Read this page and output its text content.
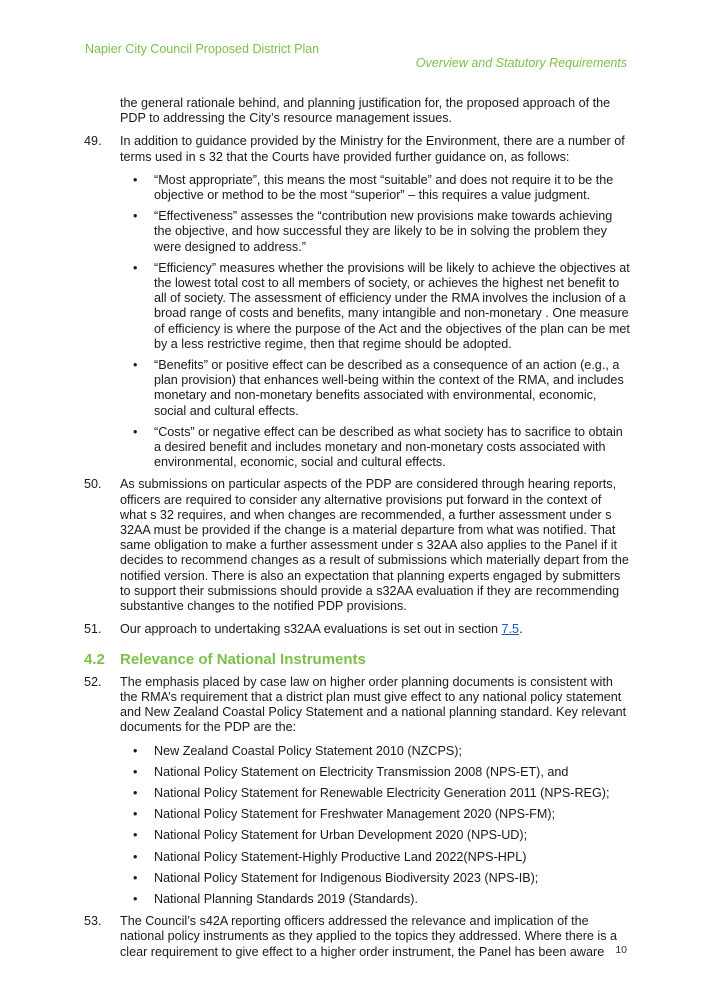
Napier City Council Proposed District Plan
Overview and Statutory Requirements

the general rationale behind, and planning justification for, the proposed approach of the PDP to addressing the City’s resource management issues.

49. In addition to guidance provided by the Ministry for the Environment, there are a number of terms used in s 32 that the Courts have provided further guidance on, as follows:
• “Most appropriate”, this means the most “suitable” and does not require it to be the objective or method to be the most “superior” – this requires a value judgment.
• “Effectiveness” assesses the “contribution new provisions make towards achieving the objective, and how successful they are likely to be in solving the problem they were designed to address.”
• “Efficiency” measures whether the provisions will be likely to achieve the objectives at the lowest total cost to all members of society, or achieves the highest net benefit to all of society. The assessment of efficiency under the RMA involves the inclusion of a broad range of costs and benefits, many intangible and non-monetary . One measure of efficiency is where the purpose of the Act and the objectives of the plan can be met by a less restrictive regime, then that regime should be adopted.
• “Benefits” or positive effect can be described as a consequence of an action (e.g., a plan provision) that enhances well-being within the context of the RMA, and includes monetary and non-monetary benefits associated with environmental, economic, social and cultural effects.
• “Costs” or negative effect can be described as what society has to sacrifice to obtain a desired benefit and includes monetary and non-monetary costs associated with environmental, economic, social and cultural effects.
50. As submissions on particular aspects of the PDP are considered through hearing reports, officers are required to consider any alternative provisions put forward in the context of what s 32 requires, and when changes are recommended, a further assessment under s 32AA must be provided if the change is a material departure from what was notified. That same obligation to make a further assessment under s 32AA also applies to the Panel if it decides to recommend changes as a result of submissions which materially depart from the notified version. There is also an expectation that planning experts engaged by submitters to support their submissions should provide a s32AA evaluation if they are recommending substantive changes to the notified PDP provisions.
51. Our approach to undertaking s32AA evaluations is set out in section 7.5.
4.2 Relevance of National Instruments
52. The emphasis placed by case law on higher order planning documents is consistent with the RMA’s requirement that a district plan must give effect to any national policy statement and New Zealand Coastal Policy Statement and a national planning standard. Key relevant documents for the PDP are the:
• New Zealand Coastal Policy Statement 2010 (NZCPS);
• National Policy Statement on Electricity Transmission 2008 (NPS-ET), and
• National Policy Statement for Renewable Electricity Generation 2011 (NPS-REG);
• National Policy Statement for Freshwater Management 2020 (NPS-FM);
• National Policy Statement for Urban Development 2020 (NPS-UD);
• National Policy Statement-Highly Productive Land 2022(NPS-HPL)
• National Policy Statement for Indigenous Biodiversity 2023 (NPS-IB);
• National Planning Standards 2019 (Standards).
53. The Council’s s42A reporting officers addressed the relevance and implication of the national policy instruments as they applied to the topics they addressed. Where there is a clear requirement to give effect to a higher order instrument, the Panel has been aware	10
